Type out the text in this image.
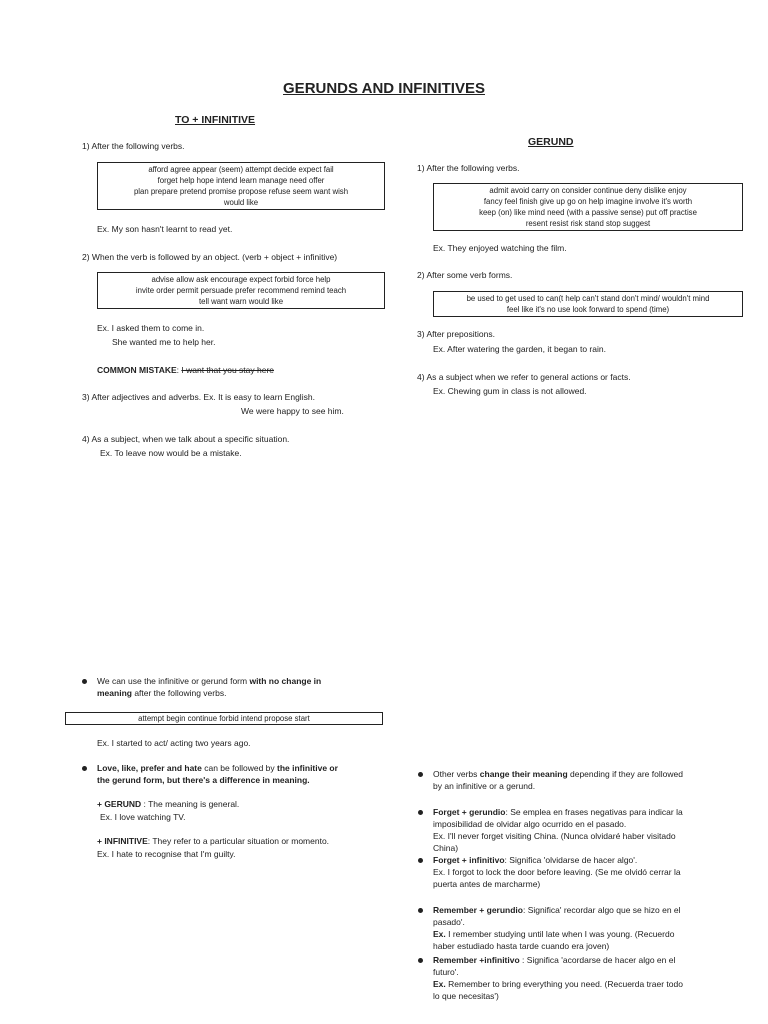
GERUNDS AND INFINITIVES
TO + INFINITIVE
1) After the following verbs.
afford agree appear (seem) attempt decide expect fail
forget help hope intend learn manage need offer
plan prepare pretend promise propose refuse seem want wish
would like
Ex. My son hasn't learnt to read yet.
2) When the verb is followed by an object. (verb + object + infinitive)
advise allow ask encourage expect forbid force help
invite order permit persuade prefer recommend remind teach
tell want warn would like
Ex. I asked them to come in.
She wanted me to help her.
COMMON MISTAKE: I want that you stay here
3) After adjectives and adverbs. Ex. It is easy to learn English.
We were happy to see him.
4) As a subject, when we talk about a specific situation.
Ex. To leave now would be a mistake.
We can use the infinitive or gerund form with no change in
meaning after the following verbs.
attempt begin continue forbid intend propose start
Ex. I started to act/ acting two years ago.
Love, like, prefer and hate can be followed by the infinitive or
the gerund form, but there's a difference in meaning.
+ GERUND : The meaning is general.
Ex. I love watching TV.
+ INFINITIVE: They refer to a particular situation or momento.
Ex. I hate to recognise that I'm guilty.
GERUND
1) After the following verbs.
admit avoid carry on consider continue deny dislike enjoy
fancy feel finish give up go on help imagine involve it's worth
keep (on) like mind need (with a passive sense) put off practise
resent resist risk stand stop suggest
Ex. They enjoyed watching the film.
2) After some verb forms.
be used to get used to can(t help can't stand don't mind/ wouldn't mind
feel like it's no use look forward to spend (time)
3) After prepositions.
Ex. After watering the garden, it began to rain.
4) As a subject when we refer to general actions or facts.
Ex. Chewing gum in class is not allowed.
Other verbs change their meaning depending if they are followed
by an infinitive or a gerund.
Forget + gerundio: Se emplea en frases negativas para indicar la
imposibilidad de olvidar algo ocurrido en el pasado.
Ex. I'll never forget visiting China. (Nunca olvidaré haber visitado
China)
Forget + infinitivo: Significa 'olvidarse de hacer algo'.
Ex. I forgot to lock the door before leaving. (Se me olvidó cerrar la
puerta antes de marcharme)
Remember + gerundio: Significa' recordar algo que se hizo en el
pasado'.
Ex. I remember studying until late when I was young. (Recuerdo
haber estudiado hasta tarde cuando era joven)
Remember +infinitivo : Significa 'acordarse de hacer algo en el
futuro'.
Ex. Remember to bring everything you need. (Recuerda traer todo
lo que necesitas')
